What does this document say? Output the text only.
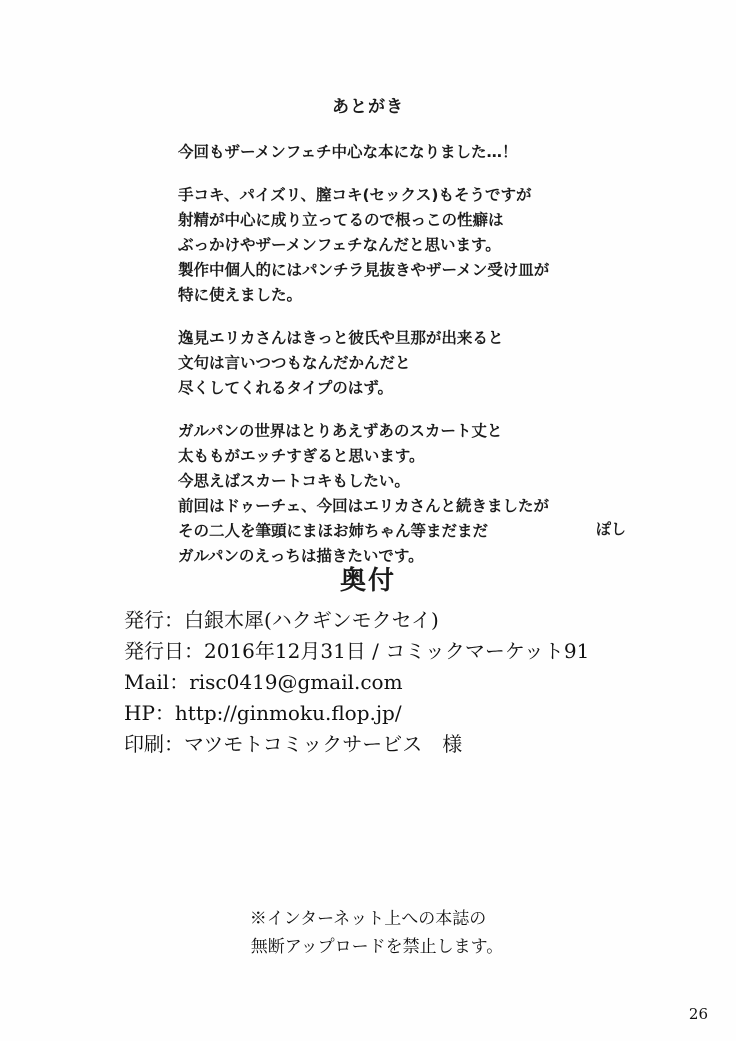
あとがき

今回もザーメンフェチ中心な本になりました…！

手コキ、パイズリ、膣コキ(セックス)もそうですが
射精が中心に成り立ってるので根っこの性癖は
ぶっかけやザーメンフェチなんだと思います。
製作中個人的にはパンチラ見抜きやザーメン受け皿が
特に使えました。

逸見エリカさんはきっと彼氏や旦那が出来ると
文句は言いつつもなんだかんだと
尽くしてくれるタイプのはず。

ガルパンの世界はとりあえずあのスカート丈と
太ももがエッチすぎると思います。
今思えばスカートコキもしたい。
前回はドゥーチェ、今回はエリカさんと続きましたが
その二人を筆頭にまほお姉ちゃん等まだまだ
ガルパンのえっちは描きたいです。

ぽし
奥付
発行：白銀木犀(ハクギンモクセイ)
発行日：2016年12月31日 / コミックマーケット91
Mail：risc0419@gmail.com
HP：http://ginmoku.flop.jp/
印刷：マツモトコミックサービス　様
※インターネット上への本誌の
無断アップロードを禁止します。
26
